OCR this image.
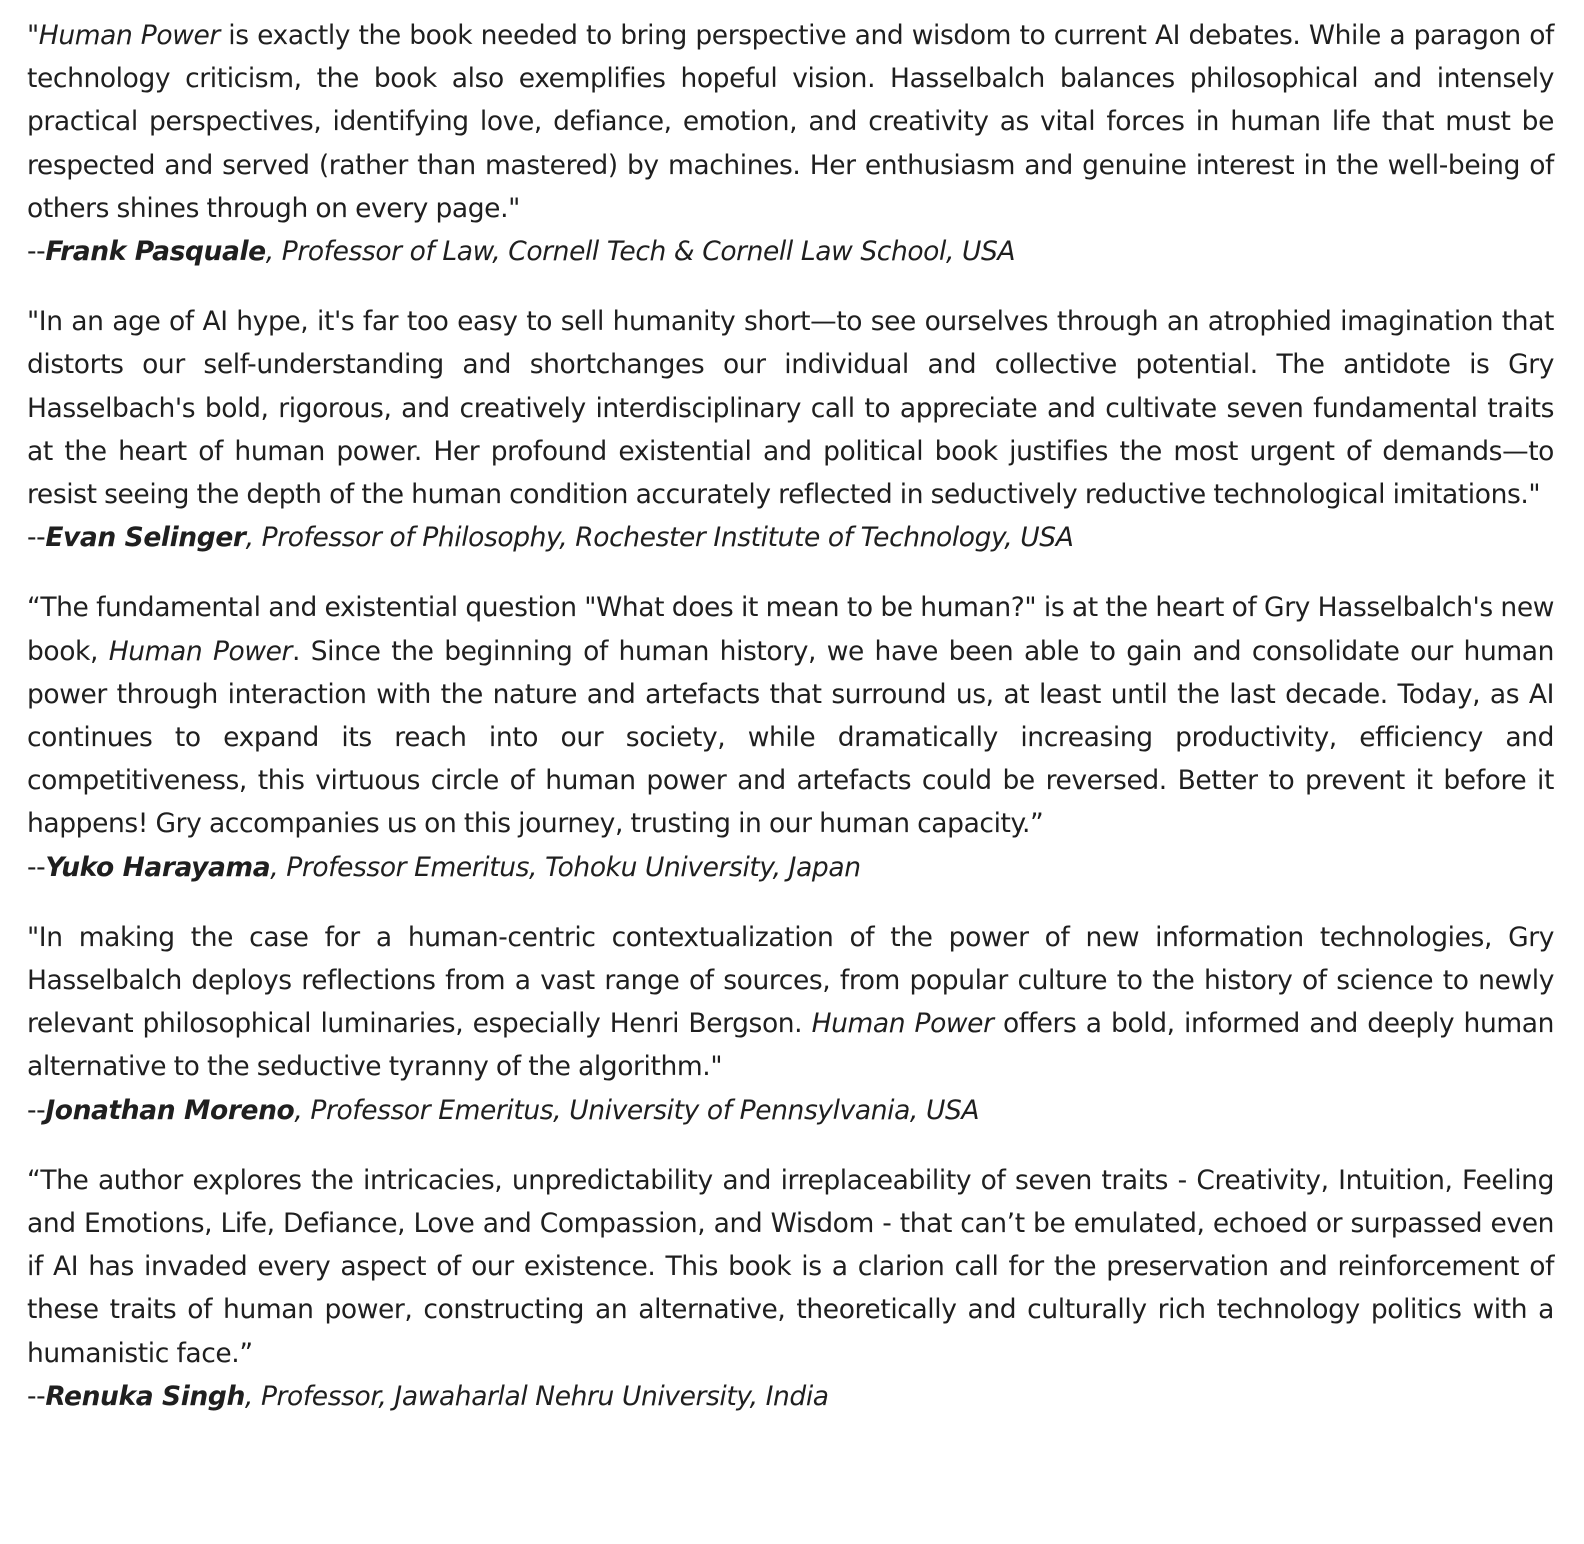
"Human Power is exactly the book needed to bring perspective and wisdom to current AI debates. While a paragon of technology criticism, the book also exemplifies hopeful vision. Hasselbalch balances philosophical and intensely practical perspectives, identifying love, defiance, emotion, and creativity as vital forces in human life that must be respected and served (rather than mastered) by machines. Her enthusiasm and genuine interest in the well-being of others shines through on every page."

--Frank Pasquale, Professor of Law, Cornell Tech & Cornell Law School, USA

"In an age of AI hype, it's far too easy to sell humanity short—to see ourselves through an atrophied imagination that distorts our self-understanding and shortchanges our individual and collective potential. The antidote is Gry Hasselbach's bold, rigorous, and creatively interdisciplinary call to appreciate and cultivate seven fundamental traits at the heart of human power. Her profound existential and political book justifies the most urgent of demands—to resist seeing the depth of the human condition accurately reflected in seductively reductive technological imitations."

--Evan Selinger, Professor of Philosophy, Rochester Institute of Technology, USA

“The fundamental and existential question "What does it mean to be human?" is at the heart of Gry Hasselbalch's new book, Human Power. Since the beginning of human history, we have been able to gain and consolidate our human power through interaction with the nature and artefacts that surround us, at least until the last decade. Today, as AI continues to expand its reach into our society, while dramatically increasing productivity, efficiency and competitiveness, this virtuous circle of human power and artefacts could be reversed. Better to prevent it before it happens! Gry accompanies us on this journey, trusting in our human capacity.”

--Yuko Harayama, Professor Emeritus, Tohoku University, Japan

"In making the case for a human-centric contextualization of the power of new information technologies, Gry Hasselbalch deploys reflections from a vast range of sources, from popular culture to the history of science to newly relevant philosophical luminaries, especially Henri Bergson. Human Power offers a bold, informed and deeply human alternative to the seductive tyranny of the algorithm."

--Jonathan Moreno, Professor Emeritus, University of Pennsylvania, USA

“The author explores the intricacies, unpredictability and irreplaceability of seven traits - Creativity, Intuition, Feeling and Emotions, Life, Defiance, Love and Compassion, and Wisdom - that can’t be emulated, echoed or surpassed even if AI has invaded every aspect of our existence. This book is a clarion call for the preservation and reinforcement of these traits of human power, constructing an alternative, theoretically and culturally rich technology politics with a humanistic face.”

--Renuka Singh, Professor, Jawaharlal Nehru University, India
